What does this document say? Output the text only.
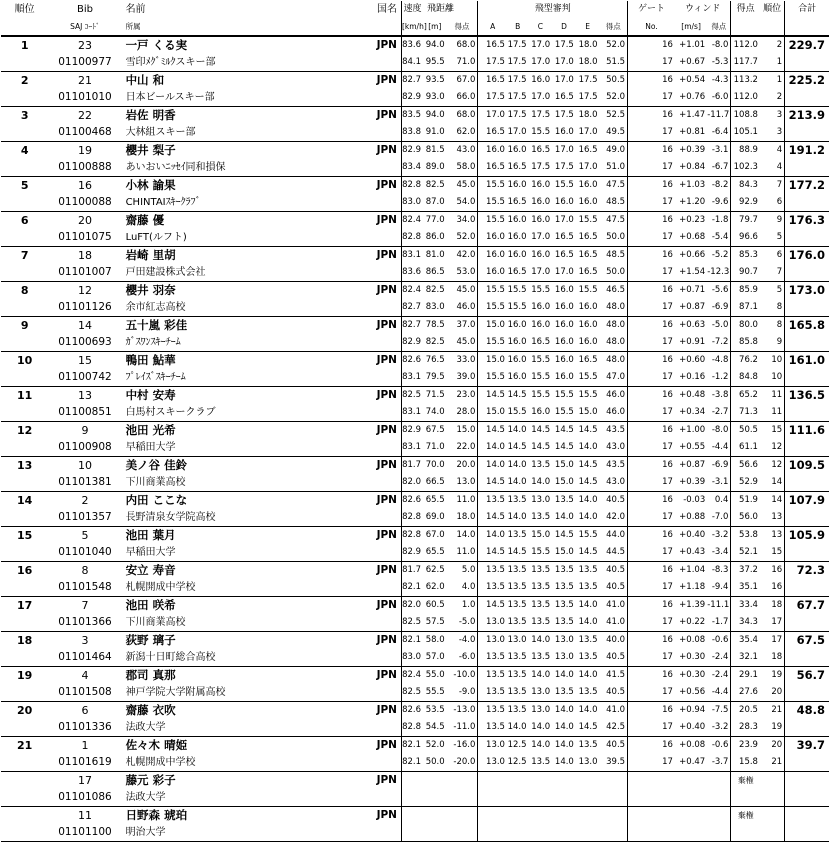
順位	Bib	名前	国名	速度	飛距離		飛型審判						ゲート	ウィンド		得点	順位	合計
	SAJ ｺｰﾄﾞ	所属		[km/h]	[m]	得点	A	B	C	D	E	得点	No.	[m/s]	得点			
1	23	一戸 くる実	JPN	83.6	94.0	68.0	16.5	17.5	17.0	17.5	18.0	52.0	16	+1.01	-8.0	112.0	2	229.7
	01100977	雪印ﾒｸﾞﾐﾙｸスキー部		84.1	95.5	71.0	17.5	17.5	17.0	17.0	18.0	51.5	17	+0.67	-5.3	117.7	1	
2	21	中山 和	JPN	82.7	93.5	67.0	16.5	17.5	16.0	17.0	17.5	50.5	16	+0.54	-4.3	113.2	1	225.2
	01101010	日本ビールスキー部		82.9	93.0	66.0	17.5	17.5	17.0	16.5	17.5	52.0	17	+0.76	-6.0	112.0	2	
3	22	岩佐 明香	JPN	83.5	94.0	68.0	17.0	17.5	17.5	17.5	18.0	52.5	16	+1.47	-11.7	108.8	3	213.9
	01100468	大林組スキー部		83.8	91.0	62.0	16.5	17.0	15.5	16.0	17.0	49.5	17	+0.81	-6.4	105.1	3	
4	19	櫻井 梨子	JPN	82.9	81.5	43.0	16.0	16.0	16.5	17.0	16.5	49.0	16	+0.39	-3.1	88.9	4	191.2
	01100888	あいおいﾆｯｾｲ同和損保		83.4	89.0	58.0	16.5	16.5	17.5	17.5	17.0	51.0	17	+0.84	-6.7	102.3	4	
5	16	小林 諭果	JPN	82.8	82.5	45.0	15.5	16.0	16.0	15.5	16.0	47.5	16	+1.03	-8.2	84.3	7	177.2
	01100088	CHINTAIｽｷｰｸﾗﾌﾞ		83.0	87.0	54.0	15.5	16.5	16.0	16.0	16.0	48.5	17	+1.20	-9.6	92.9	6	
6	20	齋藤 優	JPN	82.4	77.0	34.0	15.5	16.0	16.0	17.0	15.5	47.5	16	+0.23	-1.8	79.7	9	176.3
	01101075	LuFT(ルフト)		82.8	86.0	52.0	16.0	16.0	17.0	16.5	16.5	50.0	17	+0.68	-5.4	96.6	5	
7	18	岩崎 里胡	JPN	83.1	81.0	42.0	16.0	16.0	16.0	16.5	16.5	48.5	16	+0.66	-5.2	85.3	6	176.0
	01101007	戸田建設株式会社		83.6	86.5	53.0	16.0	16.5	17.0	17.0	16.5	50.0	17	+1.54	-12.3	90.7	7	
8	12	櫻井 羽奈	JPN	82.4	82.5	45.0	15.5	15.5	15.5	16.0	15.5	46.5	16	+0.71	-5.6	85.9	5	173.0
	01101126	余市紅志高校		82.7	83.0	46.0	15.5	15.5	16.0	16.0	16.0	48.0	17	+0.87	-6.9	87.1	8	
9	14	五十嵐 彩佳	JPN	82.7	78.5	37.0	15.0	16.0	16.0	16.0	16.0	48.0	16	+0.63	-5.0	80.0	8	165.8
	01100693	ｶﾞｽﾜﾝｽｷｰﾁｰﾑ		82.9	82.5	45.0	15.5	16.0	16.5	16.0	16.0	48.0	17	+0.91	-7.2	85.8	9	
10	15	鴨田 鮎華	JPN	82.6	76.5	33.0	15.0	16.0	15.5	16.0	16.5	48.0	16	+0.60	-4.8	76.2	10	161.0
	01100742	ﾌﾟﾚｲｽﾞｽｷｰﾁｰﾑ		83.1	79.5	39.0	15.5	16.0	15.5	16.0	15.5	47.0	17	+0.16	-1.2	84.8	10	
11	13	中村 安寿	JPN	82.5	71.5	23.0	14.5	14.5	15.5	15.5	15.5	46.0	16	+0.48	-3.8	65.2	11	136.5
	01100851	白馬村スキークラブ		83.1	74.0	28.0	15.0	15.5	16.0	15.5	15.0	46.0	17	+0.34	-2.7	71.3	11	
12	9	池田 光希	JPN	82.9	67.5	15.0	14.5	14.0	14.5	14.5	14.5	43.5	16	+1.00	-8.0	50.5	15	111.6
	01100908	早稲田大学		83.1	71.0	22.0	14.0	14.5	14.5	14.5	14.0	43.0	17	+0.55	-4.4	61.1	12	
13	10	美ノ谷 佳鈴	JPN	81.7	70.0	20.0	14.0	14.0	13.5	15.0	14.5	43.5	16	+0.87	-6.9	56.6	12	109.5
	01101381	下川商業高校		82.0	66.5	13.0	14.5	14.0	14.0	15.0	14.5	43.0	17	+0.39	-3.1	52.9	14	
14	2	内田 ここな	JPN	82.6	65.5	11.0	13.5	13.5	13.0	13.5	14.0	40.5	16	-0.03	0.4	51.9	14	107.9
	01101357	長野清泉女学院高校		82.8	69.0	18.0	14.5	14.0	13.5	14.0	14.0	42.0	17	+0.88	-7.0	56.0	13	
15	5	池田 葉月	JPN	82.8	67.0	14.0	14.0	13.5	15.0	14.5	15.5	44.0	16	+0.40	-3.2	53.8	13	105.9
	01101040	早稲田大学		82.9	65.5	11.0	14.5	14.5	15.5	15.0	14.5	44.5	17	+0.43	-3.4	52.1	15	
16	8	安立 寿音	JPN	81.7	62.5	5.0	13.5	13.5	13.5	13.5	13.5	40.5	16	+1.04	-8.3	37.2	16	72.3
	01101548	札幌開成中学校		82.1	62.0	4.0	13.5	13.5	13.5	13.5	13.5	40.5	17	+1.18	-9.4	35.1	16	
17	7	池田 咲希	JPN	82.0	60.5	1.0	14.5	13.5	13.5	13.5	14.0	41.0	16	+1.39	-11.1	33.4	18	67.7
	01101366	下川商業高校		82.5	57.5	-5.0	13.0	13.5	13.5	13.5	14.0	41.0	17	+0.22	-1.7	34.3	17	
18	3	荻野 璃子	JPN	82.1	58.0	-4.0	13.0	13.0	14.0	13.0	13.5	40.0	16	+0.08	-0.6	35.4	17	67.5
	01101464	新潟十日町総合高校		83.0	57.0	-6.0	13.5	13.5	13.5	13.0	13.5	40.5	17	+0.30	-2.4	32.1	18	
19	4	郡司 真那	JPN	82.4	55.0	-10.0	13.5	13.5	14.0	14.0	14.0	41.5	16	+0.30	-2.4	29.1	19	56.7
	01101508	神戸学院大学附属高校		82.5	55.5	-9.0	13.5	13.5	13.0	13.5	13.5	40.5	17	+0.56	-4.4	27.6	20	
20	6	齋藤 衣吹	JPN	82.6	53.5	-13.0	13.5	13.5	13.0	14.0	14.0	41.0	16	+0.94	-7.5	20.5	21	48.8
	01101336	法政大学		82.8	54.5	-11.0	13.5	14.0	14.0	14.0	14.5	42.5	17	+0.40	-3.2	28.3	19	
21	1	佐々木 晴姫	JPN	82.1	52.0	-16.0	13.0	12.5	14.0	14.0	13.5	40.5	16	+0.08	-0.6	23.9	20	39.7
	01101619	札幌開成中学校		82.1	50.0	-20.0	13.0	12.5	13.5	14.0	13.0	39.5	17	+0.47	-3.7	15.8	21	
	17	藤元 彩子	JPN													棄権		
	01101086	法政大学																
	11	日野森 琥珀	JPN													棄権		
	01101100	明治大学																
